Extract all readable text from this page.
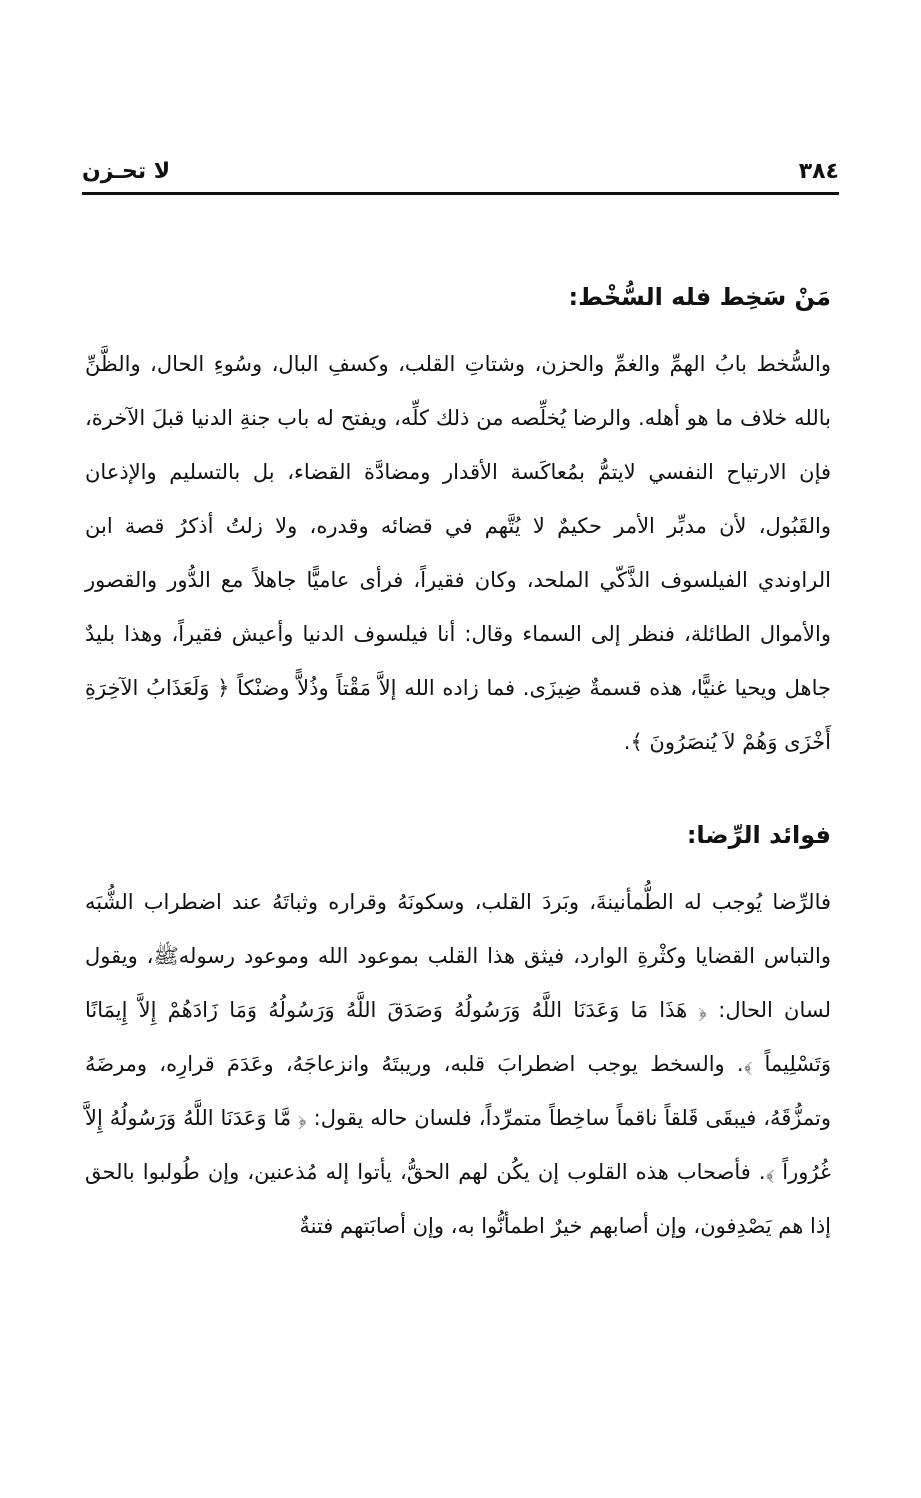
٣٨٤
لا تحـزن
مَنْ سَخِط فله السُّخْط:

والسُّخط بابُ الهمِّ والغمِّ والحزن، وشتاتِ القلب، وكسفِ البال، وسُوءِ الحال، والظَّنِّ بالله خلاف ما هو أهله. والرضا يُخلِّصه من ذلك كلِّه، ويفتح له باب جنةِ الدنيا قبلَ الآخرة، فإن الارتياح النفسي لايتمُّ بمُعاكَسة الأقدار ومضادَّة القضاء، بل بالتسليم والإذعان والقَبُول، لأن مدبِّر الأمر حكيمٌ لا يُتَّهم في قضائه وقدره، ولا زلتُ أذكرُ قصة ابن الراوندي الفيلسوف الذَّكّي الملحد، وكان فقيراً، فرأى عاميًّا جاهلاً مع الدُّور والقصور والأموال الطائلة، فنظر إلى السماء وقال: أنا فيلسوف الدنيا وأعيش فقيراً، وهذا بليدٌ جاهل ويحيا غنيًّا، هذه قسمةٌ ضِيزَى. فما زاده الله إلاَّ مَقْتاً وذُلاًّ وضنْكاً ﴿ وَلَعَذَابُ الآخِرَةِ أَخْزَى وَهُمْ لاَ يُنصَرُونَ ﴾.

فوائد الرِّضا:

فالرِّضا يُوجب له الطُّمأنينةَ، وبَردَ القلب، وسكونَهُ وقراره وثباتَهُ عند اضطراب الشُّبَه والتباس القضايا وكثْرةِ الوارد، فيثق هذا القلب بموعود الله وموعود رسولهﷺ، ويقول لسان الحال: ﴿ هَذَا مَا وَعَدَنَا اللَّهُ وَرَسُولُهُ وَصَدَقَ اللَّهُ وَرَسُولُهُ وَمَا زَادَهُمْ إِلاَّ إِيمَانًا وَتَسْلِيماً ﴾. والسخط يوجب اضطرابَ قلبه، وريبتَهُ وانزعاجَهُ، وعَدَمَ قرارِه، ومرضَهُ وتمزُّقَهُ، فيبقَى قَلقاً ناقماً ساخِطاً متمرِّداً، فلسان حاله يقول: ﴿ مَّا وَعَدَنَا اللَّهُ وَرَسُولُهُ إِلاَّ غُرُوراً ﴾. فأصحاب هذه القلوب إن يكُن لهم الحقُّ، يأتوا إله مُذعنين، وإن طُولبوا بالحق إذا هم يَصْدِفون، وإن أصابهم خيرٌ اطمأنُّوا به، وإن أصابَتهم فتنةٌ
